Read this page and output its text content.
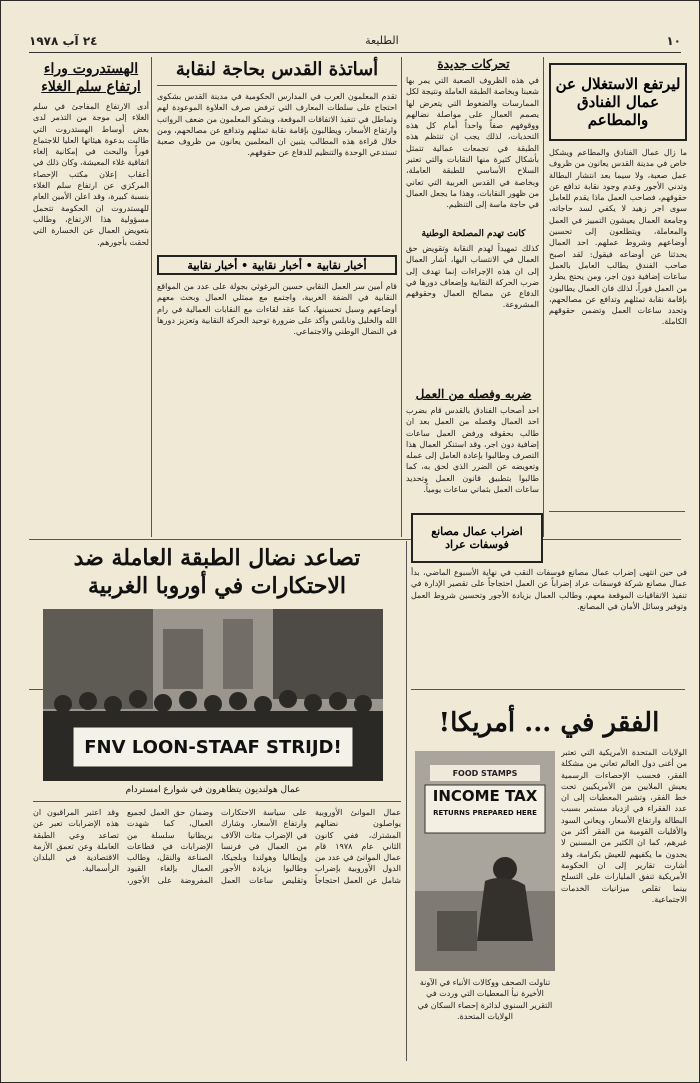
١٠
الطليعة
٢٤ آب ١٩٧٨
ليرتفع الاستغلال عن عمال الفنادق والمطاعم
ما زال عمال الفنادق والمطاعم ويشكل خاص في مدينة القدس يعانون من ظروف عمل صعبة، ولا سيما بعد انتشار البطالة وتدني الأجور وعدم وجود نقابة تدافع عن حقوقهم، فصاحب العمل ماذا يقدم للعامل سوى اجر زهيد لا يكفي لسد حاجاته، وجامعة العمال يعيشون التمييز في العمل والمعاملة، ويتطلعون إلى تحسين أوضاعهم وشروط عملهم. احد العمال يحدثنا عن أوضاعه فيقول: لقد اصبح صاحب الفندق يطالب العامل بالعمل ساعات إضافية دون اجر، ومن يحتج يطرد من العمل فوراً، لذلك فان العمال يطالبون بإقامة نقابة تمثلهم وتدافع عن مصالحهم، وتحدد ساعات العمل وتضمن حقوقهم الكاملة.
تحركات جديدة
في هذه الظروف الصعبة التي يمر بها شعبنا وبخاصة الطبقة العاملة ونتيجة لكل الممارسات والضغوط التي يتعرض لها يصمم العمال على مواصلة نضالهم ووقوفهم صفاً واحداً أمام كل هذه التحديات، لذلك يجب ان تنتظم هذه الطبقة في تجمعات عمالية تتمثل بأشكال كثيرة منها النقابات والتي تعتبر السلاح الأساسي للطبقة العاملة، وبخاصة في القدس العربية التي تعاني من ظهور النقابات، وهذا ما يجعل العمال في حاجة ماسة إلى التنظيم.
كانت تهدم المصلحة الوطنية
كذلك تمهيداً لهدم النقابة وتقويض حق العمال في الانتساب اليها، أشار العمال إلى ان هذه الإجراءات إنما تهدف إلى ضرب الحركة النقابية وإضعاف دورها في الدفاع عن مصالح العمال وحقوقهم المشروعة.
ضربه وفصله من العمل
احد أصحاب الفنادق بالقدس قام بضرب احد العمال وفصله من العمل بعد ان طالب بحقوقه ورفض العمل ساعات إضافية دون اجر، وقد استنكر العمال هذا التصرف وطالبوا بإعادة العامل إلى عمله وتعويضه عن الضرر الذي لحق به، كما طالبوا بتطبيق قانون العمل وتحديد ساعات العمل بثماني ساعات يومياً.
أساتذة القدس بحاجة لنقابة
تقدم المعلمون العرب في المدارس الحكومية في مدينة القدس بشكوى احتجاج على سلطات المعارف التي ترفض صرف العلاوة الموعودة لهم وتماطل في تنفيذ الاتفاقات الموقعة، ويشكو المعلمون من ضعف الرواتب وارتفاع الأسعار، ويطالبون بإقامة نقابة تمثلهم وتدافع عن مصالحهم، ومن خلال قراءة هذه المطالب يتبين ان المعلمين يعانون من ظروف صعبة تستدعي الوحدة والتنظيم للدفاع عن حقوقهم.
أخبار نقابية • أخبار نقابية • أخبار نقابية
قام أمين سر العمل النقابي حسين البرغوثي بجولة على عدد من المواقع النقابية في الضفة الغربية، واجتمع مع ممثلي العمال وبحث معهم أوضاعهم وسبل تحسينها، كما عقد لقاءات مع النقابات العمالية في رام الله والخليل ونابلس وأكد على ضرورة توحيد الحركة النقابية وتعزيز دورها في النضال الوطني والاجتماعي.
الهستدروت وراء ارتفاع سلم الغلاء
أدى الارتفاع المفاجئ في سلم الغلاء إلى موجة من التذمر لدى بعض أوساط الهستدروت التي طالبت بدعوة هيئاتها العليا للاجتماع فوراً والبحث في إمكانية إلغاء اتفاقية غلاء المعيشة، وكان ذلك في أعقاب إعلان مكتب الإحصاء المركزي عن ارتفاع سلم الغلاء بنسبة كبيرة، وقد اعلن الأمين العام للهستدروت ان الحكومة تتحمل مسؤولية هذا الارتفاع، وطالب بتعويض العمال عن الخسارة التي لحقت بأجورهم.
اضراب عمال مصانع فوسفات عراد
في حين انتهى إضراب عمال مصانع فوسفات النقب في نهاية الأسبوع الماضي، بدأ عمال مصانع شركة فوسفات عراد إضراباً عن العمل احتجاجاً على تقصير الإدارة في تنفيذ الاتفاقيات الموقعة معهم، وطالب العمال بزيادة الأجور وتحسين شروط العمل وتوفير وسائل الأمان في المصانع.
تصاعد نضال الطبقة العاملة ضد الاحتكارات في أوروبا الغربية
FNV LOON-STAAF STRIJD!
عمال هولنديون يتظاهرون في شوارع امستردام
عمال الموانئ الأوروبية يواصلون نضالهم المشترك، ففي كانون الثاني عام ١٩٧٨ قام عمال الموانئ في عدد من الدول الأوروبية بإضراب شامل عن العمل احتجاجاً على سياسة الاحتكارات وارتفاع الأسعار، وشارك في الإضراب مئات الآلاف من العمال في فرنسا وإيطاليا وهولندا وبلجيكا، وطالبوا بزيادة الأجور وتقليص ساعات العمل وضمان حق العمل لجميع العمال، كما شهدت بريطانيا سلسلة من الإضرابات في قطاعات الصناعة والنقل، وطالب العمال بإلغاء القيود المفروضة على الأجور، وقد اعتبر المراقبون ان هذه الإضرابات تعبر عن تصاعد وعي الطبقة العاملة وعن تعمق الأزمة الاقتصادية في البلدان الرأسمالية.
الفقر في ... أمريكا!
الولايات المتحدة الأمريكية التي تعتبر من أغنى دول العالم تعاني من مشكلة الفقر، فحسب الإحصاءات الرسمية يعيش الملايين من الأمريكيين تحت خط الفقر، وتشير المعطيات إلى ان عدد الفقراء في ازدياد مستمر بسبب البطالة وارتفاع الأسعار، ويعاني السود والأقليات القومية من الفقر أكثر من غيرهم، كما ان الكثير من المسنين لا يجدون ما يكفيهم للعيش بكرامة، وقد أشارت تقارير إلى ان الحكومة الأمريكية تنفق المليارات على التسلح بينما تقلص ميزانيات الخدمات الاجتماعية.
FOOD STAMPS
INCOME TAX
RETURNS PREPARED HERE
تناولت الصحف ووكالات الأنباء في الآونة الأخيرة نبأ المعطيات التي وردت في التقرير السنوي لدائرة إحصاء السكان في الولايات المتحدة.
